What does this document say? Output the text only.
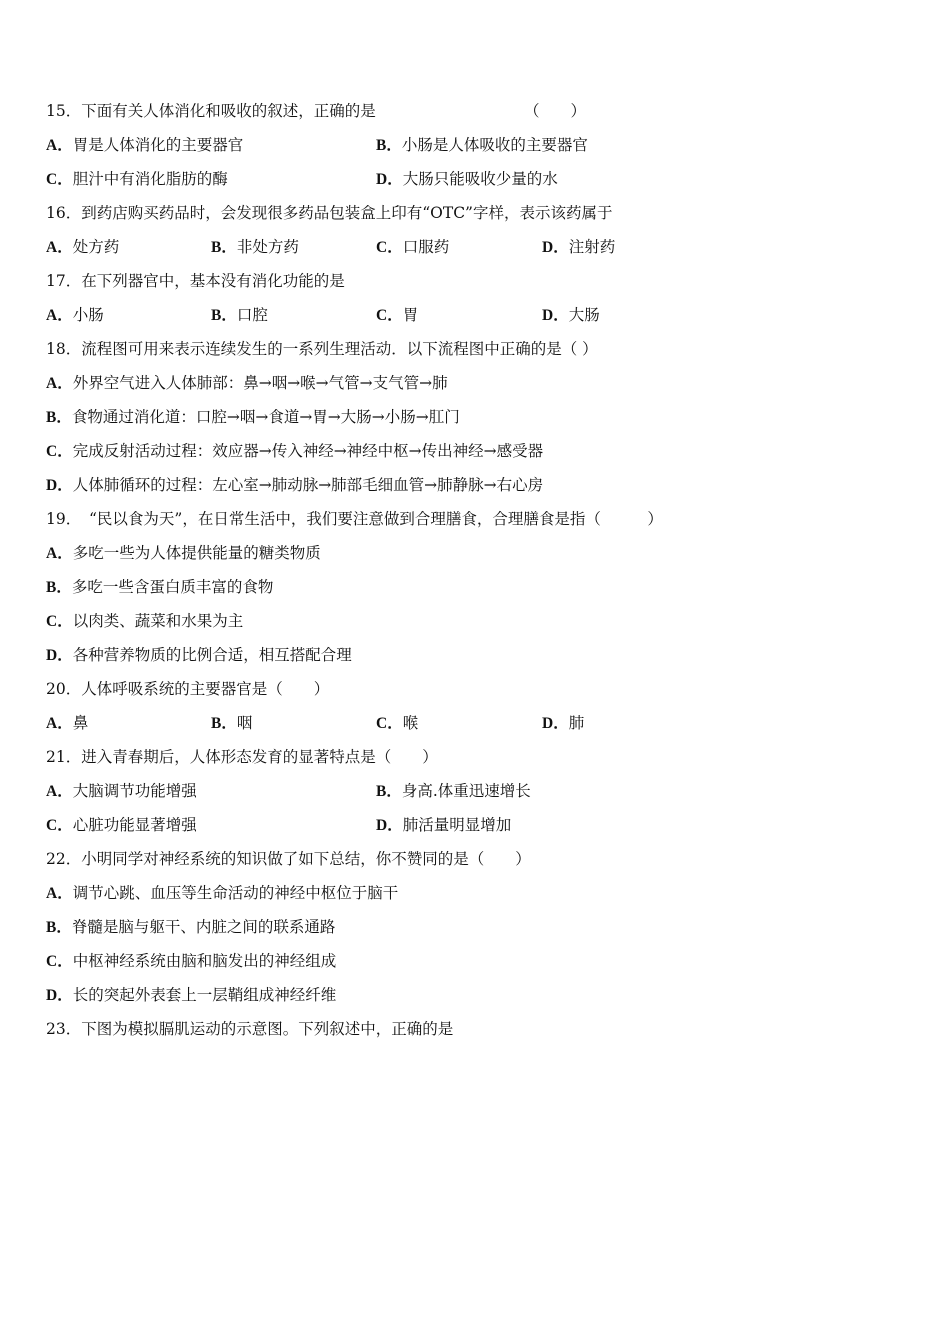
15．下面有关人体消化和吸收的叙述，正确的是	（　　）
A．胃是人体消化的主要器官	B．小肠是人体吸收的主要器官
C．胆汁中有消化脂肪的酶	D．大肠只能吸收少量的水
16．到药店购买药品时，会发现很多药品包装盒上印有“OTC”字样，表示该药属于
A．处方药	B．非处方药	C．口服药	D．注射药
17．在下列器官中，基本没有消化功能的是
A．小肠	B．口腔	C．胃	D．大肠
18．流程图可用来表示连续发生的一系列生理活动．以下流程图中正确的是（ ）
A．外界空气进入人体肺部：鼻→咽→喉→气管→支气管→肺
B．食物通过消化道：口腔→咽→食道→胃→大肠→小肠→肛门
C．完成反射活动过程：效应器→传入神经→神经中枢→传出神经→感受器
D．人体肺循环的过程：左心室→肺动脉→肺部毛细血管→肺静脉→右心房
19．　“民以食为天”，在日常生活中，我们要注意做到合理膳食，合理膳食是指（　　　）
A．多吃一些为人体提供能量的糖类物质
B．多吃一些含蛋白质丰富的食物
C．以肉类、蔬菜和水果为主
D．各种营养物质的比例合适，相互搭配合理
20．人体呼吸系统的主要器官是（　　）
A．鼻	B．咽	C．喉	D．肺
21．进入青春期后，人体形态发育的显著特点是（　　）
A．大脑调节功能增强	B．身高.体重迅速增长
C．心脏功能显著增强	D．肺活量明显增加
22．小明同学对神经系统的知识做了如下总结，你不赞同的是（　　）
A．调节心跳、血压等生命活动的神经中枢位于脑干
B．脊髓是脑与躯干、内脏之间的联系通路
C．中枢神经系统由脑和脑发出的神经组成
D．长的突起外表套上一层鞘组成神经纤维
23．下图为模拟膈肌运动的示意图。下列叙述中，正确的是
